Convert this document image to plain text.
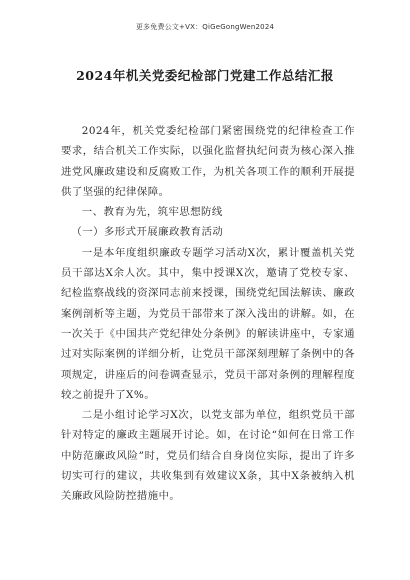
更多免费公文+VX：QiGeGongWen2024
2024年机关党委纪检部门党建工作总结汇报

2024年，机关党委纪检部门紧密围绕党的纪律检查工作要求，结合机关工作实际，以强化监督执纪问责为核心深入推进党风廉政建设和反腐败工作，为机关各项工作的顺利开展提供了坚强的纪律保障。

一、教育为先，筑牢思想防线

（一）多形式开展廉政教育活动

一是本年度组织廉政专题学习活动X次，累计覆盖机关党员干部达X余人次。其中，集中授课X次，邀请了党校专家、纪检监察战线的资深同志前来授课，围绕党纪国法解读、廉政案例剖析等主题，为党员干部带来了深入浅出的讲解。如，在一次关于《中国共产党纪律处分条例》的解读讲座中，专家通过对实际案例的详细分析，让党员干部深刻理解了条例中的各项规定，讲座后的问卷调查显示，党员干部对条例的理解程度较之前提升了X%。

二是小组讨论学习X次，以党支部为单位，组织党员干部针对特定的廉政主题展开讨论。如，在讨论“如何在日常工作中防范廉政风险”时，党员们结合自身岗位实际，提出了许多切实可行的建议，共收集到有效建议X条，其中X条被纳入机关廉政风险防控措施中。
